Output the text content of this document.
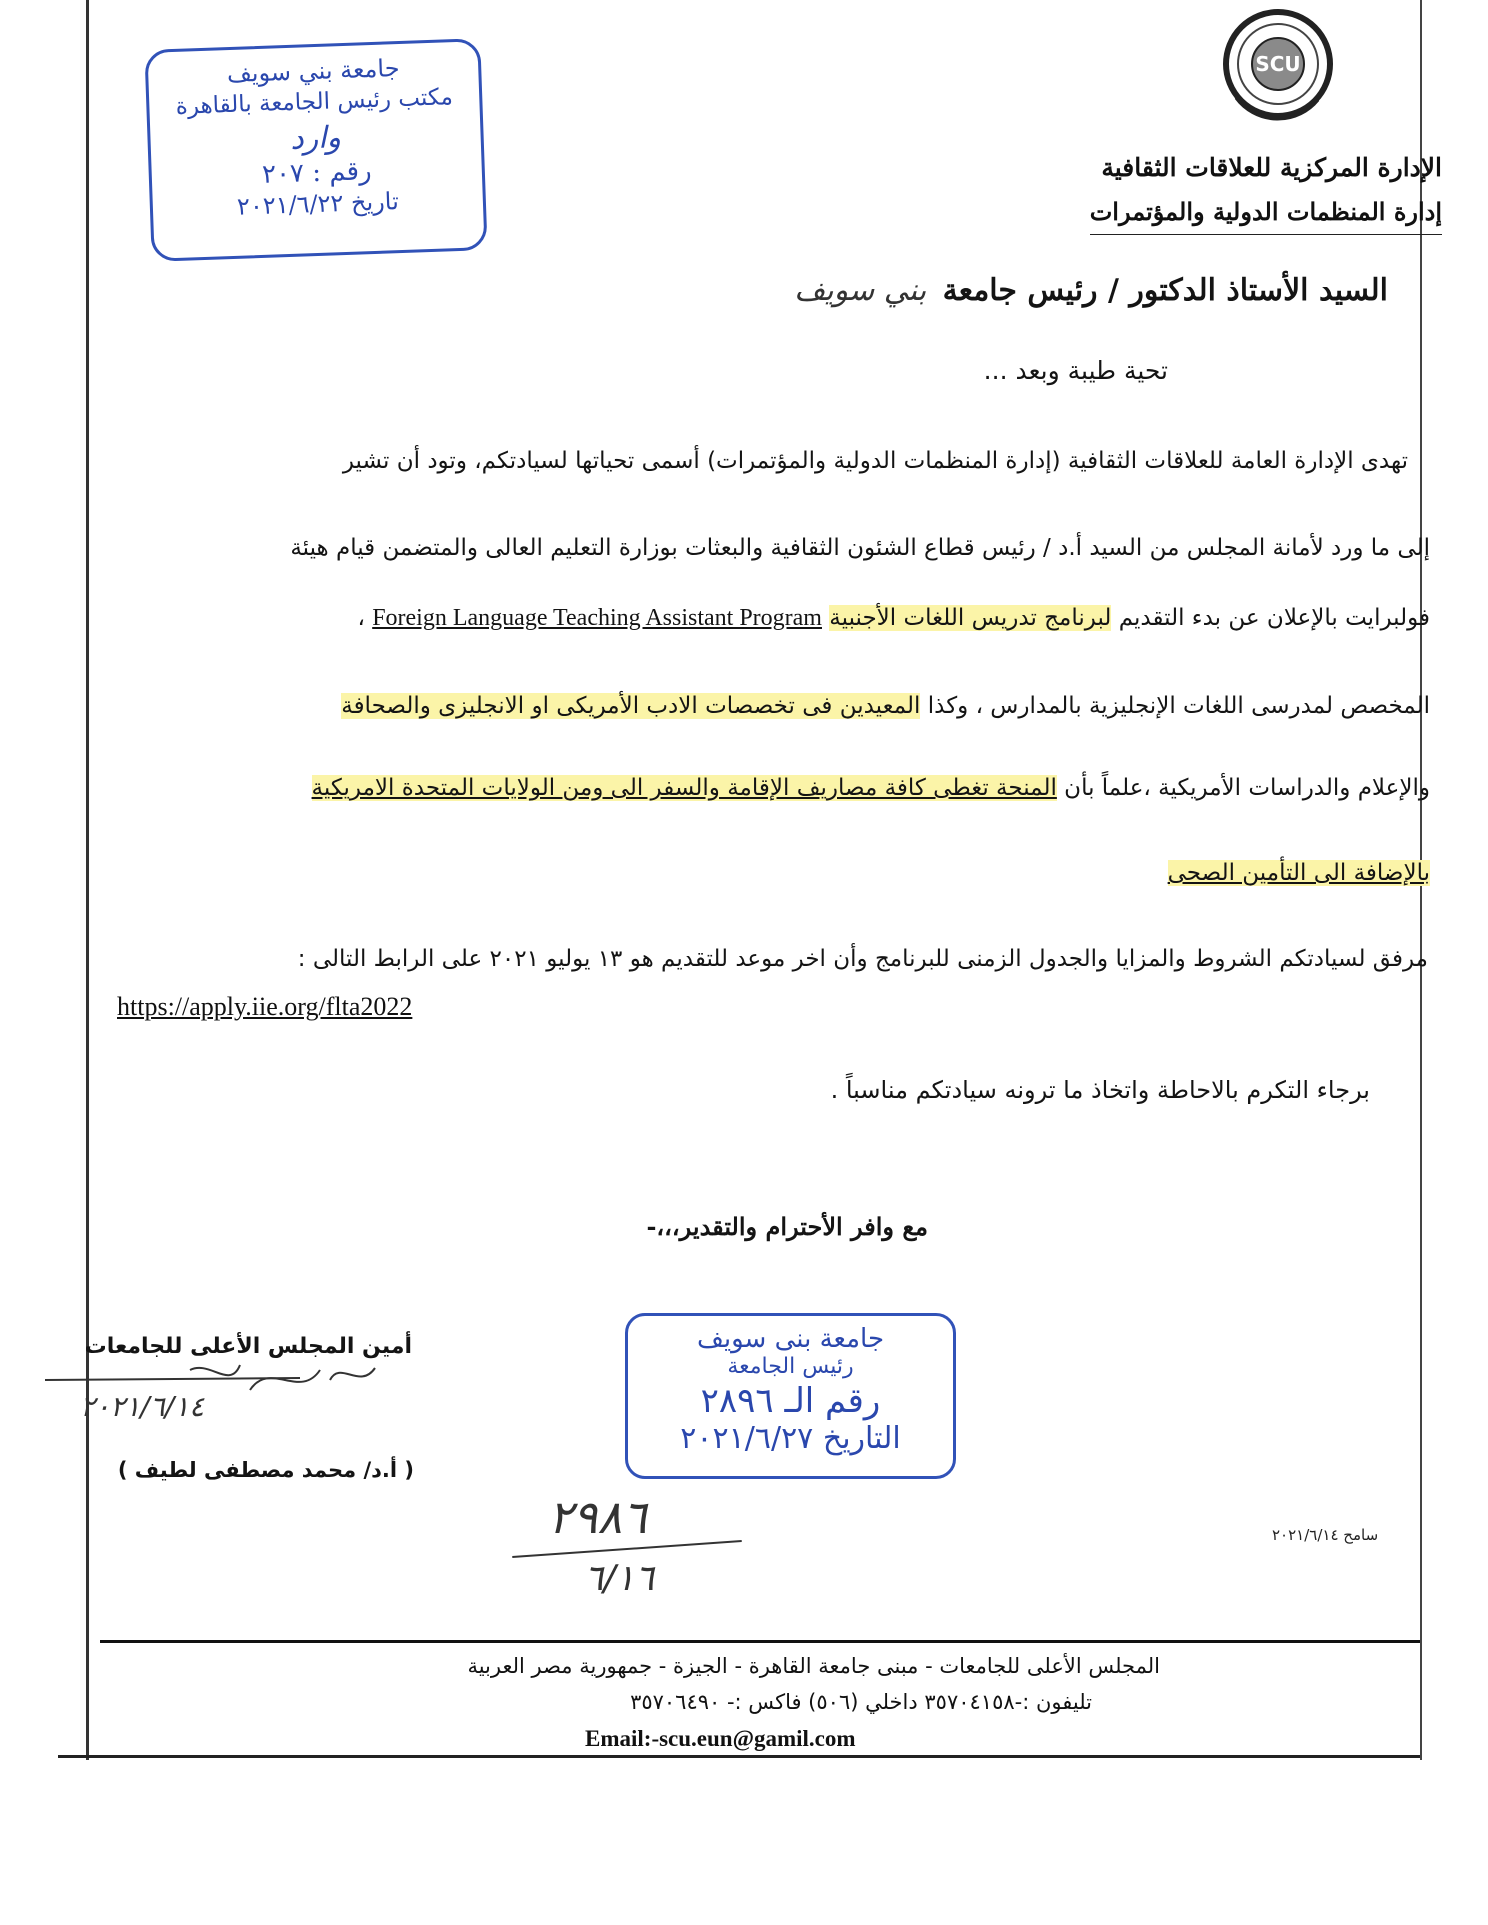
SCU
الإدارة المركزية للعلاقات الثقافية
إدارة المنظمات الدولية والمؤتمرات
جامعة بني سويف
مكتب رئيس الجامعة بالقاهرة
وارد
رقم : ٢٠٧
تاريخ ٢٠٢١/٦/٢٢
السيد الأستاذ الدكتور / رئيس جامعة بني سويف
تحية طيبة وبعد ...
تهدى الإدارة العامة للعلاقات الثقافية (إدارة المنظمات الدولية والمؤتمرات) أسمى تحياتها لسيادتكم، وتود أن تشير
إلى ما ورد لأمانة المجلس من السيد أ.د / رئيس قطاع الشئون الثقافية والبعثات بوزارة التعليم العالى والمتضمن قيام هيئة
فولبرايت بالإعلان عن بدء التقديم لبرنامج تدريس اللغات الأجنبية Foreign Language Teaching Assistant Program ،
المخصص لمدرسى اللغات الإنجليزية بالمدارس ، وكذا المعيدين فى تخصصات الادب الأمريكى او الانجليزى والصحافة
والإعلام والدراسات الأمريكية ،علماً بأن المنحة تغطى كافة مصاريف الإقامة والسفر الى ومن الولايات المتحدة الامريكية
بالإضافة الى التأمين الصحى
مرفق لسيادتكم الشروط والمزايا والجدول الزمنى للبرنامج وأن اخر موعد للتقديم هو ١٣ يوليو ٢٠٢١ على الرابط التالى :
https://apply.iie.org/flta2022
برجاء التكرم بالاحاطة واتخاذ ما ترونه سيادتكم مناسباً .
مع وافر الأحترام والتقدير،،،-
أمين المجلس الأعلى للجامعات
٢٠٢١/٦/١٤
( أ.د/ محمد مصطفى لطيف )
جامعة بنى سويف
رئيس الجامعة
رقم الـ ٢٨٩٦
التاريخ ٢٠٢١/٦/٢٧
٢٩٨٦
٦/١٦
سامح ٢٠٢١/٦/١٤
المجلس الأعلى للجامعات - مبنى جامعة القاهرة - الجيزة - جمهورية مصر العربية
تليفون :-٣٥٧٠٤١٥٨ داخلي (٥٠٦) فاكس :- ٣٥٧٠٦٤٩٠
Email:-scu.eun@gamil.com
